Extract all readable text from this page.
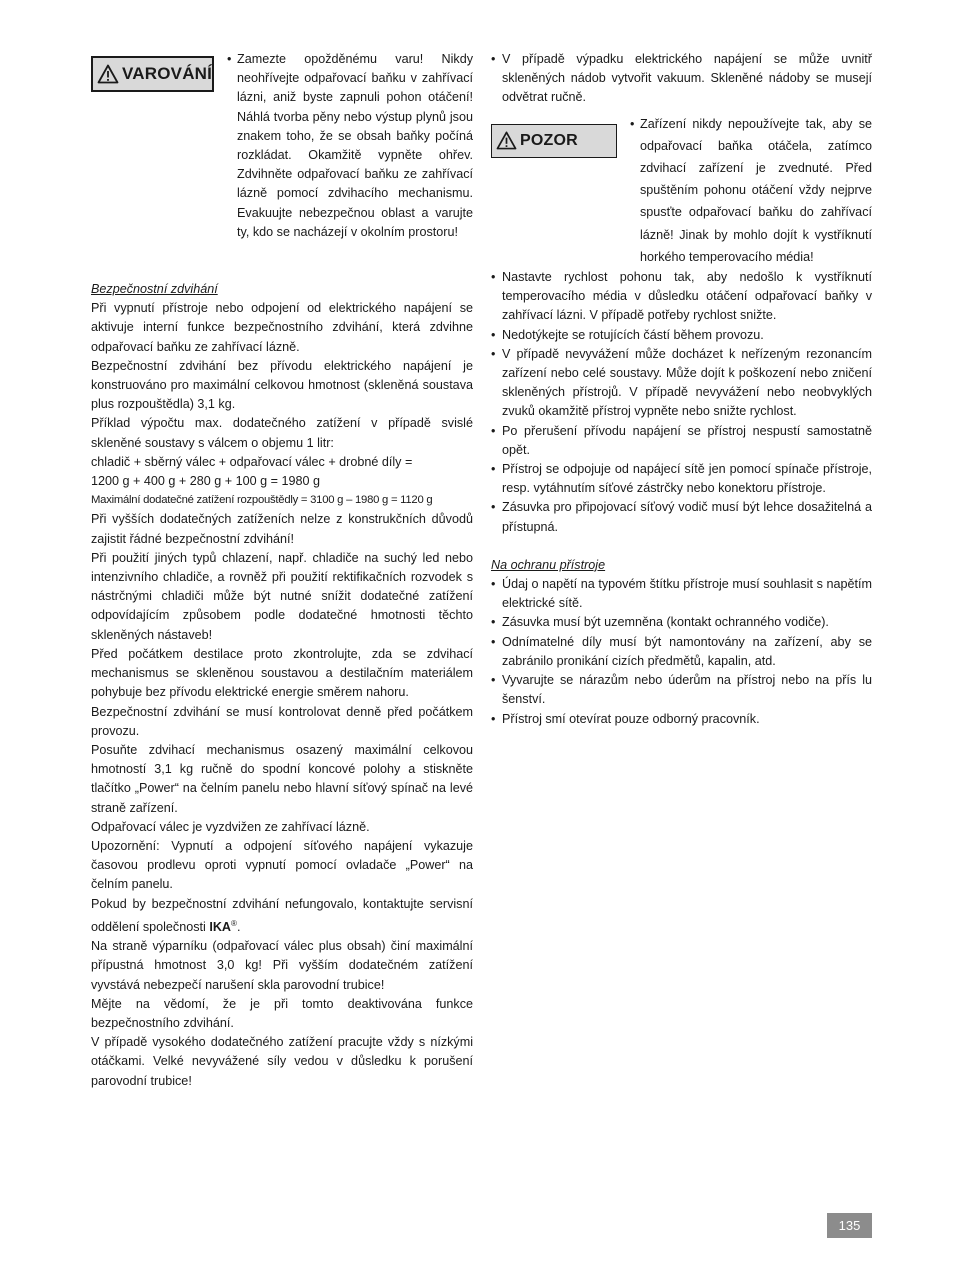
VAROVÁNÍ
• Zamezte opožděnému varu! Nikdy neohřívejte odpařovací baňku v zahřívací lázni, aniž byste zapnuli pohon otáčení! Náhlá tvorba pěny nebo výstup plynů jsou znakem toho, že se obsah baňky počíná rozkládat. Okamžitě vypněte ohřev. Zdvihněte odpařovací baňku ze zahřívací lázně pomocí zdvihacího mechanismu. Evakuujte nebezpečnou oblast a varujte ty, kdo se nacházejí v okolním prostoru!

Bezpečnostní zdvihání

Při vypnutí přístroje nebo odpojení od elektrického napájení se aktivuje interní funkce bezpečnostního zdvihání, která zdvihne odpařovací baňku ze zahřívací lázně.

Bezpečnostní zdvihání bez přívodu elektrického napájení je konstruováno pro maximální celkovou hmotnost (skleněná soustava plus rozpouštědla) 3,1 kg.

Příklad výpočtu max. dodatečného zatížení v případě svislé skleněné soustavy s válcem o objemu 1 litr:

chladič + sběrný válec + odpařovací válec + drobné díly =

1200 g + 400 g + 280 g + 100 g = 1980 g

Maximální dodatečné zatížení rozpouštědly = 3100 g – 1980 g = 1120 g

Při vyšších dodatečných zatíženích nelze z konstrukčních důvodů zajistit řádné bezpečnostní zdvihání!

Při použití jiných typů chlazení, např. chladiče na suchý led nebo intenzivního chladiče, a rovněž při použití rektifikačních rozvodek s nástrčnými chladiči může být nutné snížit dodatečné zatížení odpovídajícím způsobem podle dodatečné hmotnosti těchto skleněných nástaveb!

Před počátkem destilace proto zkontrolujte, zda se zdvihací mechanismus se skleněnou soustavou a destilačním materiálem pohybuje bez přívodu elektrické energie směrem nahoru.

Bezpečnostní zdvihání se musí kontrolovat denně před počátkem provozu.

Posuňte zdvihací mechanismus osazený maximální celkovou hmotností 3,1 kg ručně do spodní koncové polohy a stiskněte tlačítko „Power“ na čelním panelu nebo hlavní síťový spínač na levé straně zařízení.

Odpařovací válec je vyzdvižen ze zahřívací lázně.

Upozornění: Vypnutí a odpojení síťového napájení vykazuje časovou prodlevu oproti vypnutí pomocí ovladače „Power“ na čelním panelu.

Pokud by bezpečnostní zdvihání nefungovalo, kontaktujte servisní oddělení společnosti IKA®.

Na straně výparníku (odpařovací válec plus obsah) činí maximální přípustná hmotnost 3,0 kg! Při vyšším dodatečném zatížení vyvstává nebezpečí narušení skla parovodní trubice!

Mějte na vědomí, že je při tomto deaktivována funkce bezpečnostního zdvihání.

V případě vysokého dodatečného zatížení pracujte vždy s nízkými otáčkami. Velké nevyvážené síly vedou v důsledku k porušení parovodní trubice!

• V případě výpadku elektrického napájení se může uvnitř skleněných nádob vytvořit vakuum. Skleněné nádoby se musejí odvětrat ručně.
POZOR
• Zařízení nikdy nepoužívejte tak, aby se odpařovací baňka otáčela, zatímco zdvihací zařízení je zvednuté. Před spuštěním pohonu otáčení vždy nejprve spusťte odpařovací baňku do zahřívací lázně! Jinak by mohlo dojít k vystříknutí horkého temperovacího média!

• Nastavte rychlost pohonu tak, aby nedošlo k vystříknutí temperovacího média v důsledku otáčení odpařovací baňky v zahřívací lázni. V případě potřeby rychlost snižte.
• Nedotýkejte se rotujících částí během provozu.
• V případě nevyvážení může docházet k neřízeným rezonancím zařízení nebo celé soustavy. Může dojít k poškození nebo zničení skleněných přístrojů. V případě nevyvážení nebo neobvyklých zvuků okamžitě přístroj vypněte nebo snižte rychlost.
• Po přerušení přívodu napájení se přístroj nespustí samostatně opět.
• Přístroj se odpojuje od napájecí sítě jen pomocí spínače přístroje, resp. vytáhnutím síťové zástrčky nebo konektoru přístroje.
• Zásuvka pro připojovací síťový vodič musí být lehce dosažitelná a přístupná.

Na ochranu přístroje

• Údaj o napětí na typovém štítku přístroje musí souhlasit s napětím elektrické sítě.
• Zásuvka musí být uzemněna (kontakt ochranného vodiče).
• Odnímatelné díly musí být namontovány na zařízení, aby se zabránilo pronikání cizích předmětů, kapalin, atd.
• Vyvarujte se nárazům nebo úderům na přístroj nebo na přís lu šenství.
• Přístroj smí otevírat pouze odborný pracovník.
135
